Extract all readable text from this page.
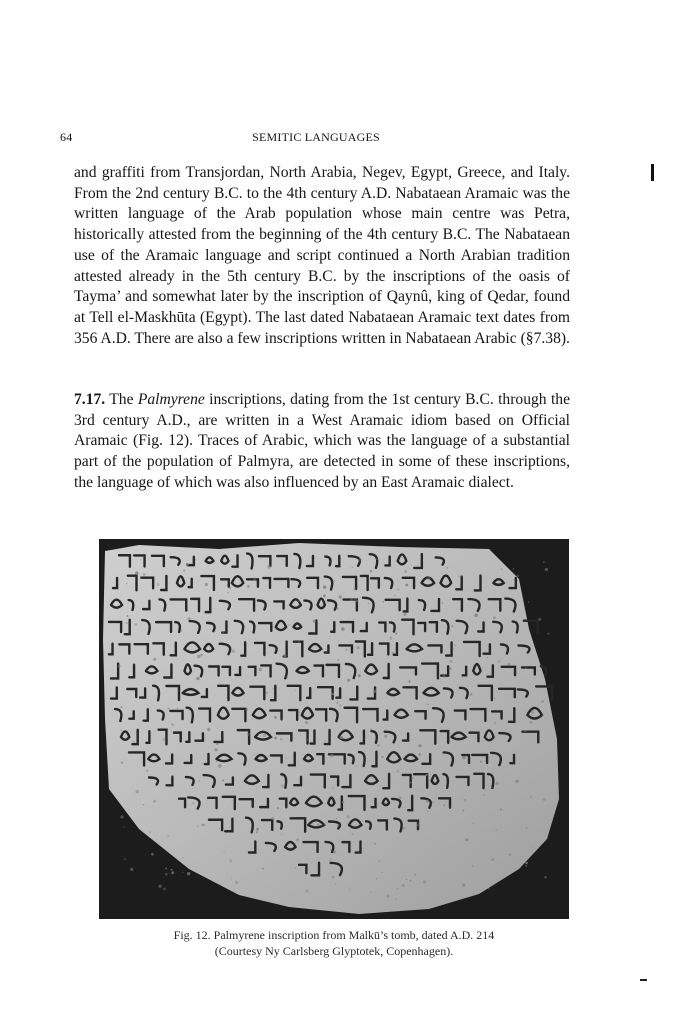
64	SEMITIC LANGUAGES

and graffiti from Transjordan, North Arabia, Negev, Egypt, Greece, and Italy. From the 2nd century B.C. to the 4th century A.D. Nabataean Aramaic was the written language of the Arab population whose main centre was Petra, historically attested from the beginning of the 4th century B.C. The Nabataean use of the Aramaic language and script continued a North Arabian tradition attested already in the 5th century B.C. by the inscriptions of the oasis of Tayma’ and somewhat later by the inscription of Qaynû, king of Qedar, found at Tell el-Maskhūta (Egypt). The last dated Nabataean Aramaic text dates from 356 A.D. There are also a few inscriptions written in Nabataean Arabic (§7.38).

7.17. The Palmyrene inscriptions, dating from the 1st century B.C. through the 3rd century A.D., are written in a West Aramaic idiom based on Official Aramaic (Fig. 12). Traces of Arabic, which was the language of a substantial part of the population of Palmyra, are detected in some of these inscriptions, the language of which was also influenced by an East Aramaic dialect.

Fig. 12. Palmyrene inscription from Malkū’s tomb, dated A.D. 214
(Courtesy Ny Carlsberg Glyptotek, Copenhagen).
